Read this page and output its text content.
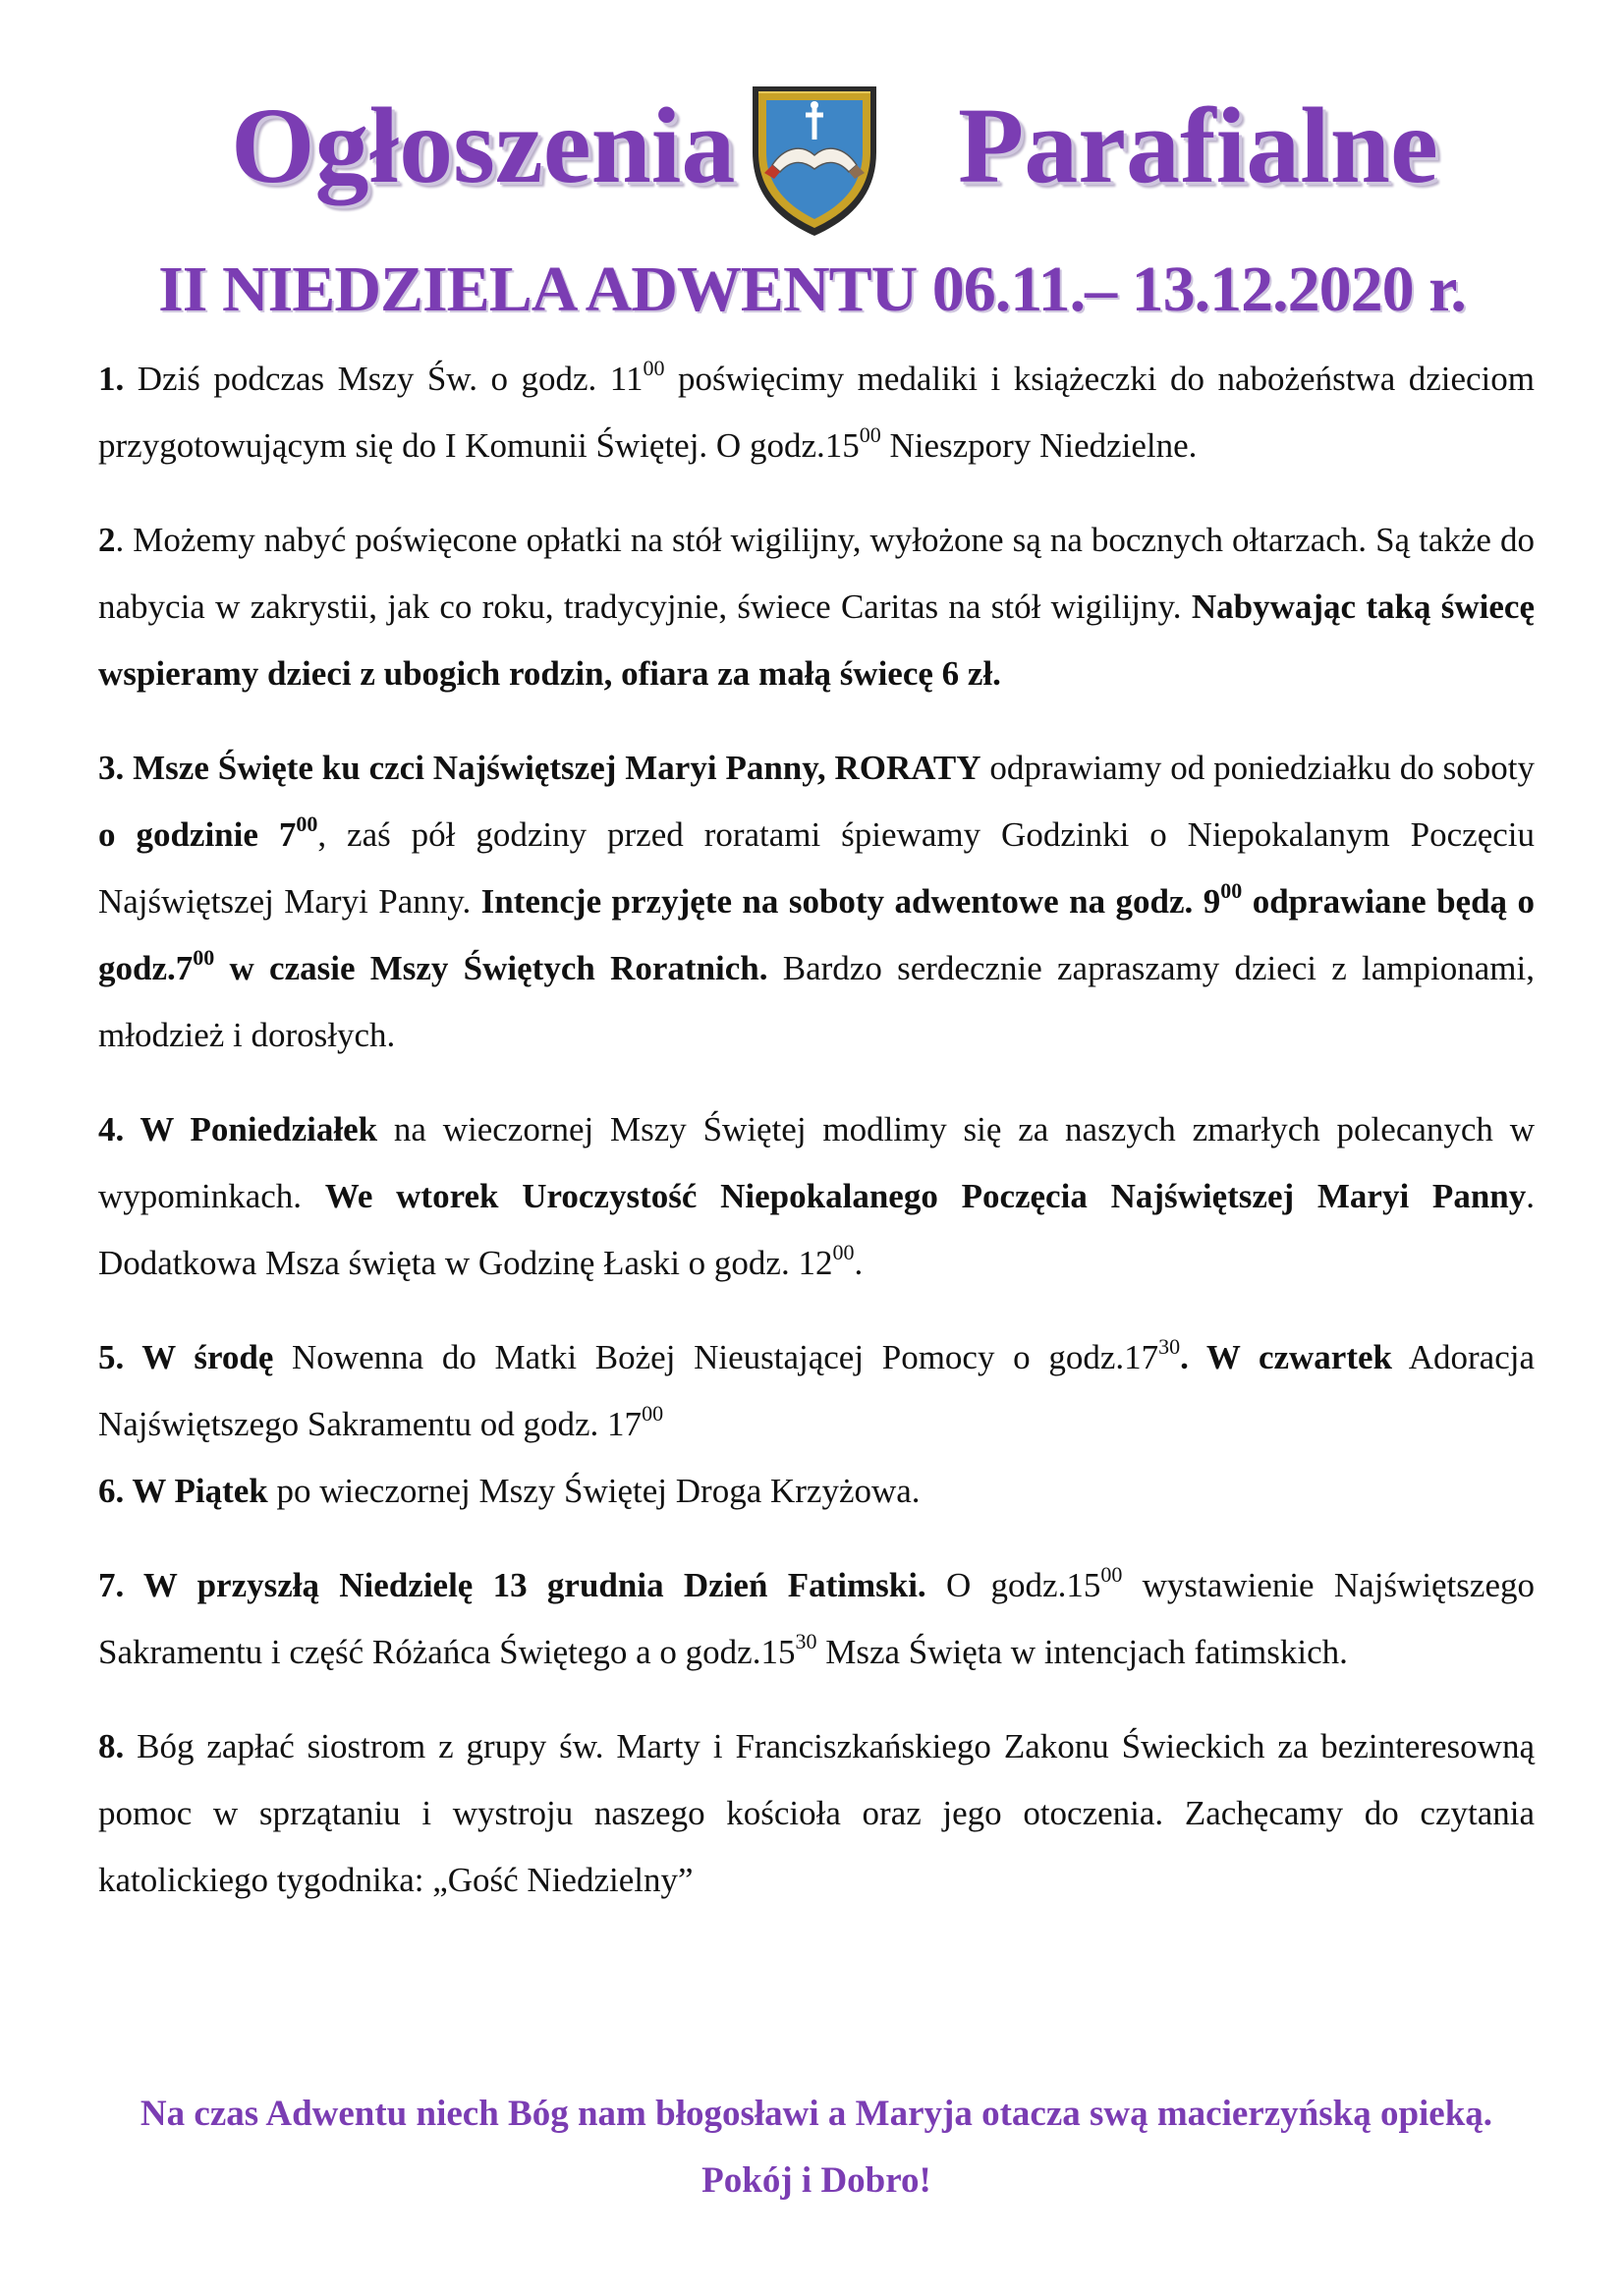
Ogłoszenia Parafialne
II NIEDZIELA ADWENTU 06.11.– 13.12.2020 r.

1. Dziś podczas Mszy Św. o godz. $11^{00}$ poświęcimy medaliki i książeczki do nabożeństwa dzieciom przygotowującym się do I Komunii Świętej. O $godz.15^{00}$ Nieszpory Niedzielne.

2. Możemy nabyć poświęcone opłatki na stół wigilijny, wyłożone są na bocznych ołtarzach. Są także do nabycia w zakrystii, jak co roku, tradycyjnie, świece Caritas na stół wigilijny. Nabywając taką świecę wspieramy dzieci z ubogich rodzin, ofiara za małą świecę 6 zł.

3. Msze Święte ku czci Najświętszej Maryi Panny, RORATY odprawiamy od poniedziałku do soboty o godzinie $7^{00}$, zaś pół godziny przed roratami śpiewamy Godzinki o Niepokalanym Poczęciu Najświętszej Maryi Panny. Intencje przyjęte na soboty adwentowe na godz. $9^{00}$ odprawiane będą o $godz.7^{00}$ w czasie Mszy Świętych Roratnich. Bardzo serdecznie zapraszamy dzieci z lampionami, młodzież i dorosłych.

4. W Poniedziałek na wieczornej Mszy Świętej modlimy się za naszych zmarłych polecanych w wypominkach. We wtorek Uroczystość Niepokalanego Poczęcia Najświętszej Maryi Panny. Dodatkowa Msza święta w Godzinę Łaski o godz. $12^{00}$.

5. W środę Nowenna do Matki Bożej Nieustającej Pomocy o $godz.17^{30}$. W czwartek Adoracja Najświętszego Sakramentu od godz. $17^{00}$

6. W Piątek po wieczornej Mszy Świętej Droga Krzyżowa.

7. W przyszłą Niedzielę 13 grudnia Dzień Fatimski. O $godz.15^{00}$ wystawienie Najświętszego Sakramentu i część Różańca Świętego a o $godz.15^{30}$ Msza Święta w intencjach fatimskich.

8. Bóg zapłać siostrom z grupy św. Marty i Franciszkańskiego Zakonu Świeckich za bezinteresowną pomoc w sprzątaniu i wystroju naszego kościoła oraz jego otoczenia. Zachęcamy do czytania katolickiego tygodnika: „Gość Niedzielny”

Na czas Adwentu niech Bóg nam błogosławi a Maryja otacza swą macierzyńską opieką. Pokój i Dobro!
